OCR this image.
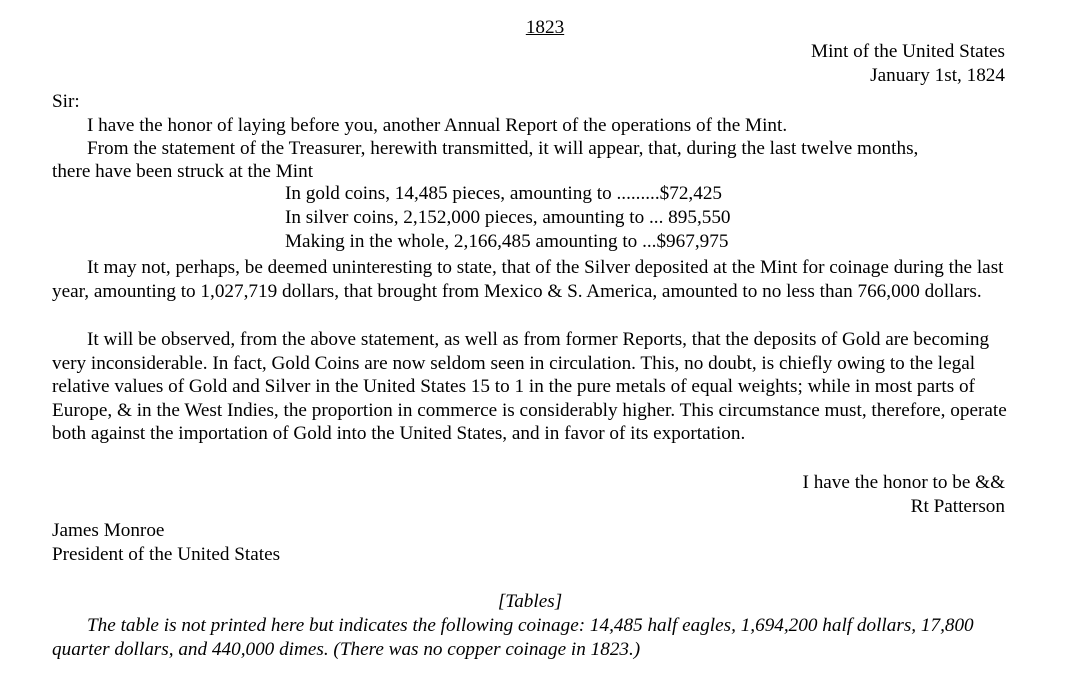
1823
Mint of the United States
January 1st, 1824
Sir:
I have the honor of laying before you, another Annual Report of the operations of the Mint.
From the statement of the Treasurer, herewith transmitted, it will appear, that, during the last twelve months,
there have been struck at the Mint
In gold coins, 14,485 pieces, amounting to .........$72,425
In silver coins, 2,152,000 pieces, amounting to ... 895,550
Making in the whole, 2,166,485 amounting to ...$967,975

It may not, perhaps, be deemed uninteresting to state, that of the Silver deposited at the Mint for coinage during the last year, amounting to 1,027,719 dollars, that brought from Mexico & S. America, amounted to no less than 766,000 dollars.

It will be observed, from the above statement, as well as from former Reports, that the deposits of Gold are becoming very inconsiderable. In fact, Gold Coins are now seldom seen in circulation. This, no doubt, is chiefly owing to the legal relative values of Gold and Silver in the United States 15 to 1 in the pure metals of equal weights; while in most parts of Europe, & in the West Indies, the proportion in commerce is considerably higher. This circumstance must, therefore, operate both against the importation of Gold into the United States, and in favor of its exportation.

I have the honor to be &&
Rt Patterson
James Monroe
President of the United States
[Tables]

The table is not printed here but indicates the following coinage: 14,485 half eagles, 1,694,200 half dollars, 17,800 quarter dollars, and 440,000 dimes. (There was no copper coinage in 1823.)
